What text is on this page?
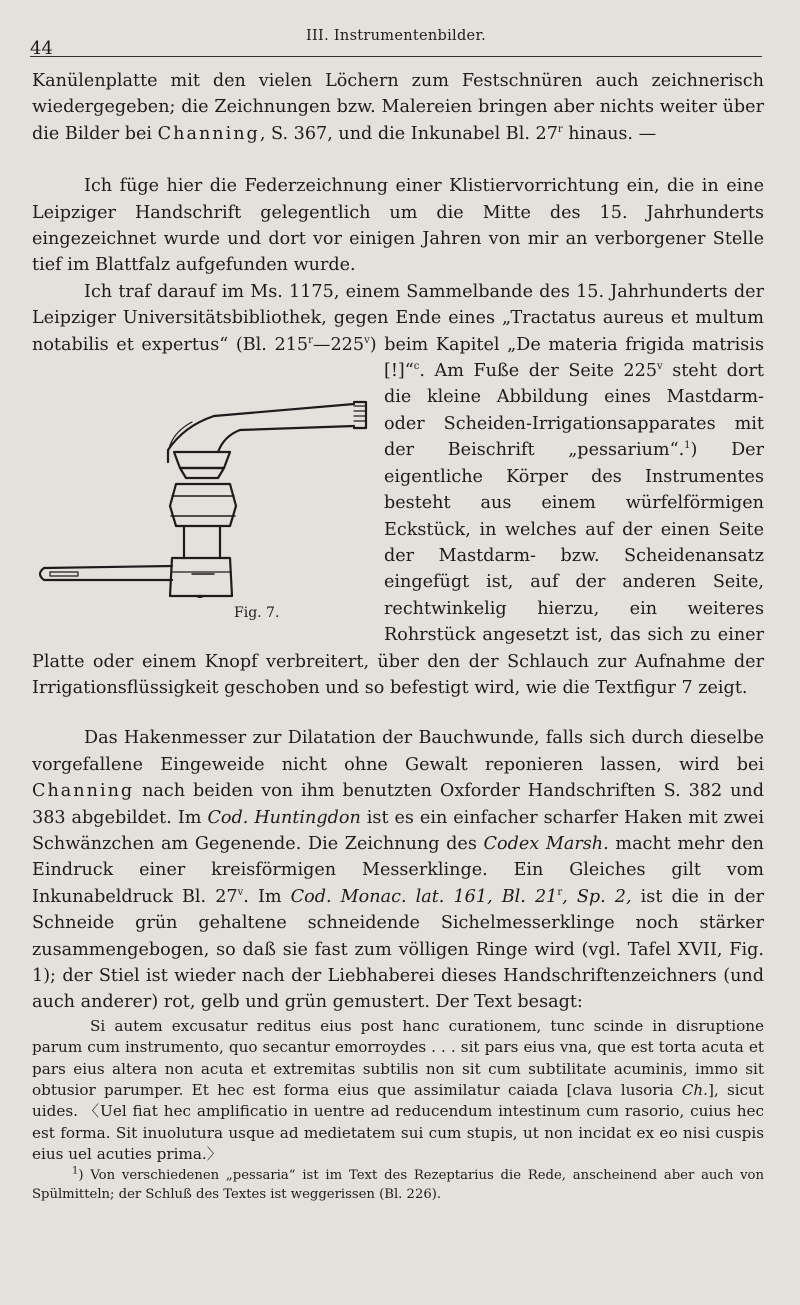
44
III. Instrumentenbilder.

Kanülenplatte mit den vielen Löchern zum Festschnüren auch zeichnerisch wiedergegeben; die Zeichnungen bzw. Malereien bringen aber nichts weiter über die Bilder bei Channing, S. 367, und die Inkunabel Bl. 27$^r$ hinaus. —

Ich füge hier die Federzeichnung einer Klistiervorrichtung ein, die in eine Leipziger Handschrift gelegentlich um die Mitte des 15. Jahrhunderts eingezeichnet wurde und dort vor einigen Jahren von mir an verborgener Stelle tief im Blattfalz aufgefunden wurde.

Ich traf darauf im Ms. 1175, einem Sammelbande des 15. Jahrhunderts der Leipziger Universitätsbibliothek, gegen Ende eines „Tractatus aureus et multum notabilis et expertus“ (Bl. 215$^r$—225$^v$) beim Kapitel „De materia frigida matrisis [!]“$^c$. Am Fuße der Seite 225$^v$
Fig. 7.
steht dort die kleine Abbildung eines Mastdarm- oder Scheiden-Irrigationsapparates mit der Beischrift „pessarium“.$^1$) Der eigentliche Körper des Instrumentes besteht aus einem würfelförmigen Eckstück, in welches auf der einen Seite der Mastdarm- bzw. Scheidenansatz eingefügt ist, auf der anderen Seite, rechtwinkelig hierzu, ein weiteres Rohrstück angesetzt ist, das sich zu einer Platte oder einem Knopf verbreitert, über den der Schlauch zur Aufnahme der Irrigationsflüssigkeit geschoben und so befestigt wird, wie die Textfigur 7 zeigt.

Das Hakenmesser zur Dilatation der Bauchwunde, falls sich durch dieselbe vorgefallene Eingeweide nicht ohne Gewalt reponieren lassen, wird bei Channing nach beiden von ihm benutzten Oxforder Handschriften S. 382 und 383 abgebildet. Im Cod. Huntingdon ist es ein einfacher scharfer Haken mit zwei Schwänzchen am Gegenende. Die Zeichnung des Codex Marsh. macht mehr den Eindruck einer kreisförmigen Messerklinge. Ein Gleiches gilt vom Inkunabeldruck Bl. 27$^v$. Im Cod. Monac. lat. 161, Bl. 21$^r$, Sp. 2, ist die in der Schneide grün gehaltene schneidende Sichelmesserklinge noch stärker zusammengebogen, so daß sie fast zum völligen Ringe wird (vgl. Tafel XVII, Fig. 1); der Stiel ist wieder nach der Liebhaberei dieses Handschriftenzeichners (und auch anderer) rot, gelb und grün gemustert. Der Text besagt:

Si autem excusatur reditus eius post hanc curationem, tunc scinde in disruptione parum cum instrumento, quo secantur emorroydes . . . sit pars eius vna, que est torta acuta et pars eius altera non acuta et extremitas subtilis non sit cum subtilitate acuminis, immo sit obtusior parumper. Et hec est forma eius que assimilatur caiada [clava lusoria Ch.], sicut uides. 〈Uel fiat hec amplificatio in uentre ad reducendum intestinum cum rasorio, cuius hec est forma. Sit inuolutura usque ad medietatem sui cum stupis, ut non incidat ex eo nisi cuspis eius uel acuties prima.〉

$^1$) Von verschiedenen „pessaria“ ist im Text des Rezeptarius die Rede, anscheinend aber auch von Spülmitteln; der Schluß des Textes ist weggerissen (Bl. 226).
